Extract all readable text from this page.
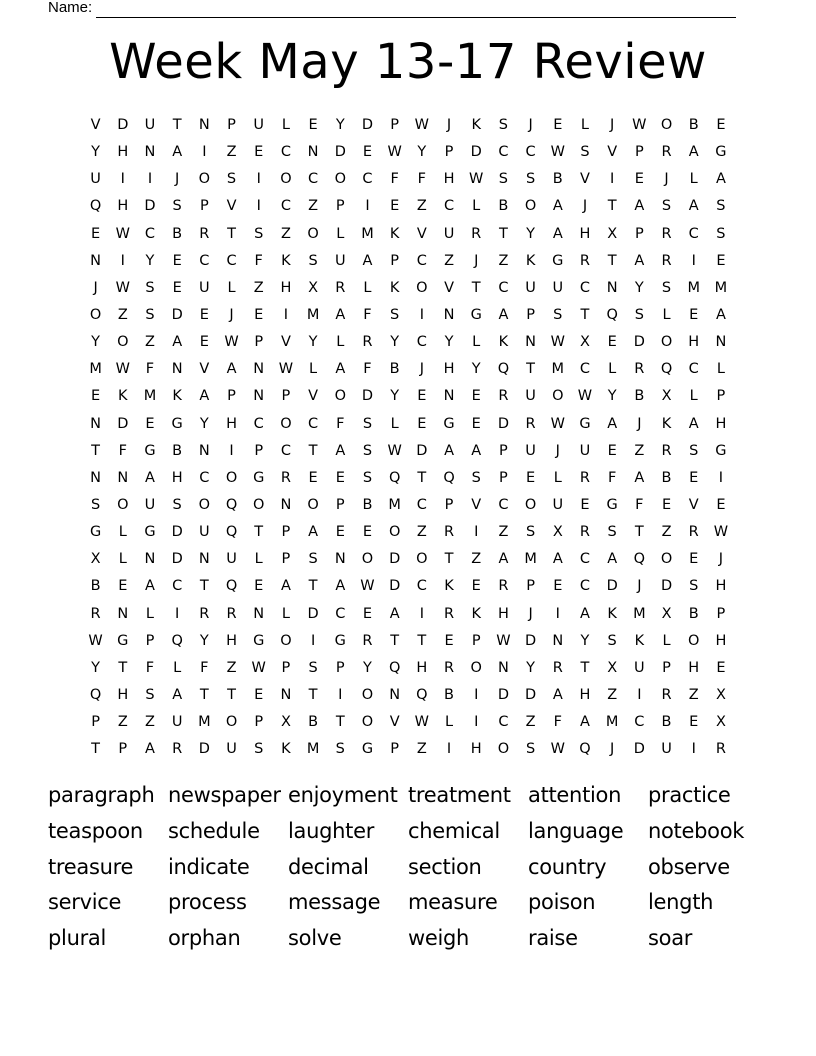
Name:
Week May 13-17 Review
V	D	U	T	N	P	U	L	E	Y	D	P	W	J	K	S	J	E	L	J	W O	B	E
Y	H	N	A	I	Z	E	C	N	D	E	W	Y	P	D	C	C	W	S	V	P	R	A	G
U	I	I	J	O	S	I	O	C	O	C	F	F	H	W	S	S	B	V	I	E	J	L	A
Q	H	D	S	P	V	I	C	Z	P	I	E	Z	C	L	B	O	A	J	T	A	S	A	S
E	W	C	B	R	T	S	Z	O	L	M	K	V	U	R	T	Y	A	H	X	P	R	C	S
N	I	Y	E	C	C	F	K	S	U	A	P	C	Z	J	Z	K	G	R	T	A	R	I	E
J	W	S	E	U	L	Z	H	X	R	L	K	O	V	T	C	U	U	C	N	Y	S	M	M
O	Z	S	D	E	J	E	I	M	A	F	S	I	N	G	A	P	S	T	Q	S	L	E	A
Y	O	Z	A	E	W	P	V	Y	L	R	Y	C	Y	L	K	N	W	X	E	D	O	H	N
M W	F	N	V	A	N	W	L	A	F	B	J	H	Y	Q	T	M	C	L	R	Q	C	L
E	K	M	K	A	P	N	P	V	O	D	Y	E	N	E	R	U	O W	Y	B	X	L	P
N	D	E	G	Y	H	C	O	C	F	S	L	E	G	E	D	R	W G	A	J	K	A	H
T	F	G	B	N	I	P	C	T	A	S	W D	A	A	P	U	J	U	E	Z	R	S	G
N	N	A	H	C	O	G	R	E	E	S	Q	T	Q	S	P	E	L	R	F	A	B	E	I
S	O	U	S	O	Q	O	N	O	P	B	M	C	P	V	C	O	U	E	G	F	E	V	E
G	L	G	D	U	Q	T	P	A	E	E	O	Z	R	I	Z	S	X	R	S	T	Z	R	W
X	L	N	D	N	U	L	P	S	N	O	D	O	T	Z	A	M	A	C	A	Q	O	E	J
B	E	A	C	T	Q	E	A	T	A	W D	C	K	E	R	P	E	C	D	J	D	S	H
R	N	L	I	R	R	N	L	D	C	E	A	I	R	K	H	J	I	A	K	M	X	B	P
W G	P	Q	Y	H	G	O	I	G	R	T	T	E	P	W D	N	Y	S	K	L	O	H
Y	T	F	L	F	Z	W	P	S	P	Y	Q	H	R	O	N	Y	R	T	X	U	P	H	E
Q	H	S	A	T	T	E	N	T	I	O	N	Q	B	I	D	D	A	H	Z	I	R	Z	X
P	Z	Z	U	M	O	P	X	B	T	O	V	W	L	I	C	Z	F	A	M	C	B	E	X
T	P	A	R	D	U	S	K	M	S	G	P	Z	I	H	O	S	W Q	J	D	U	I	R
paragraph newspaper enjoyment treatment attention	practice
teaspoon	schedule	laughter	chemical	language	notebook
treasure	indicate	decimal	section	country	observe
service	process	message	measure	poison	length
plural	orphan	solve	weigh	raise	soar
